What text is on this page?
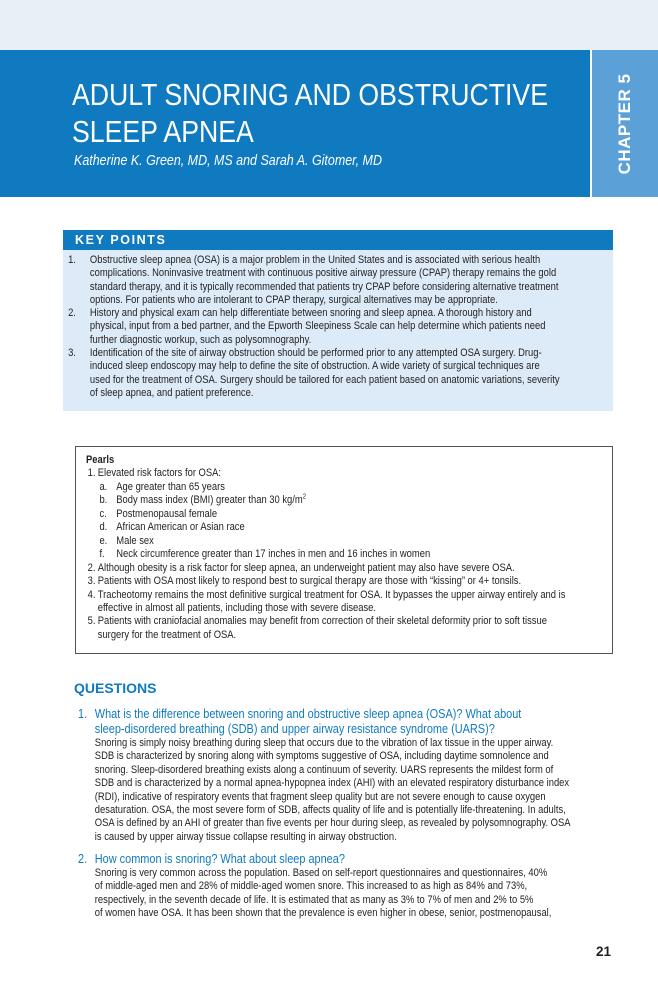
ADULT SNORING AND OBSTRUCTIVE
SLEEP APNEA
Katherine K. Green, MD, MS and Sarah A. Gitomer, MD	CHAPTER 5
KEY POINTS
1. Obstructive sleep apnea (OSA) is a major problem in the United States and is associated with serious health
complications. Noninvasive treatment with continuous positive airway pressure (CPAP) therapy remains the gold
standard therapy, and it is typically recommended that patients try CPAP before considering alternative treatment
options. For patients who are intolerant to CPAP therapy, surgical alternatives may be appropriate.
2. History and physical exam can help differentiate between snoring and sleep apnea. A thorough history and
physical, input from a bed partner, and the Epworth Sleepiness Scale can help determine which patients need
further diagnostic workup, such as polysomnography.
3. Identification of the site of airway obstruction should be performed prior to any attempted OSA surgery. Drug-
induced sleep endoscopy may help to define the site of obstruction. A wide variety of surgical techniques are
used for the treatment of OSA. Surgery should be tailored for each patient based on anatomic variations, severity
of sleep apnea, and patient preference.

Pearls

1. Elevated risk factors for OSA:
a. Age greater than 65 years
b. Body mass index (BMI) greater than 30 $kg/m^2$
c. Postmenopausal female
d. African American or Asian race
e. Male sex
f. Neck circumference greater than 17 inches in men and 16 inches in women
2. Although obesity is a risk factor for sleep apnea, an underweight patient may also have severe OSA.
3. Patients with OSA most likely to respond best to surgical therapy are those with “kissing” or 4+ tonsils.
4. Tracheotomy remains the most definitive surgical treatment for OSA. It bypasses the upper airway entirely and is
effective in almost all patients, including those with severe disease.
5. Patients with craniofacial anomalies may benefit from correction of their skeletal deformity prior to soft tissue
surgery for the treatment of OSA.
QUESTIONS
1. What is the difference between snoring and obstructive sleep apnea (OSA)? What about
sleep-disordered breathing (SDB) and upper airway resistance syndrome (UARS)?
Snoring is simply noisy breathing during sleep that occurs due to the vibration of lax tissue in the upper airway.
SDB is characterized by snoring along with symptoms suggestive of OSA, including daytime somnolence and
snoring. Sleep-disordered breathing exists along a continuum of severity. UARS represents the mildest form of
SDB and is characterized by a normal apnea-hypopnea index (AHI) with an elevated respiratory disturbance index
(RDI), indicative of respiratory events that fragment sleep quality but are not severe enough to cause oxygen
desaturation. OSA, the most severe form of SDB, affects quality of life and is potentially life-threatening. In adults,
OSA is defined by an AHI of greater than five events per hour during sleep, as revealed by polysomnography. OSA
is caused by upper airway tissue collapse resulting in airway obstruction.
2. How common is snoring? What about sleep apnea?
Snoring is very common across the population. Based on self-report questionnaires and questionnaires, 40%
of middle-aged men and 28% of middle-aged women snore. This increased to as high as 84% and 73%,
respectively, in the seventh decade of life. It is estimated that as many as 3% to 7% of men and 2% to 5%
of women have OSA. It has been shown that the prevalence is even higher in obese, senior, postmenopausal,
21
